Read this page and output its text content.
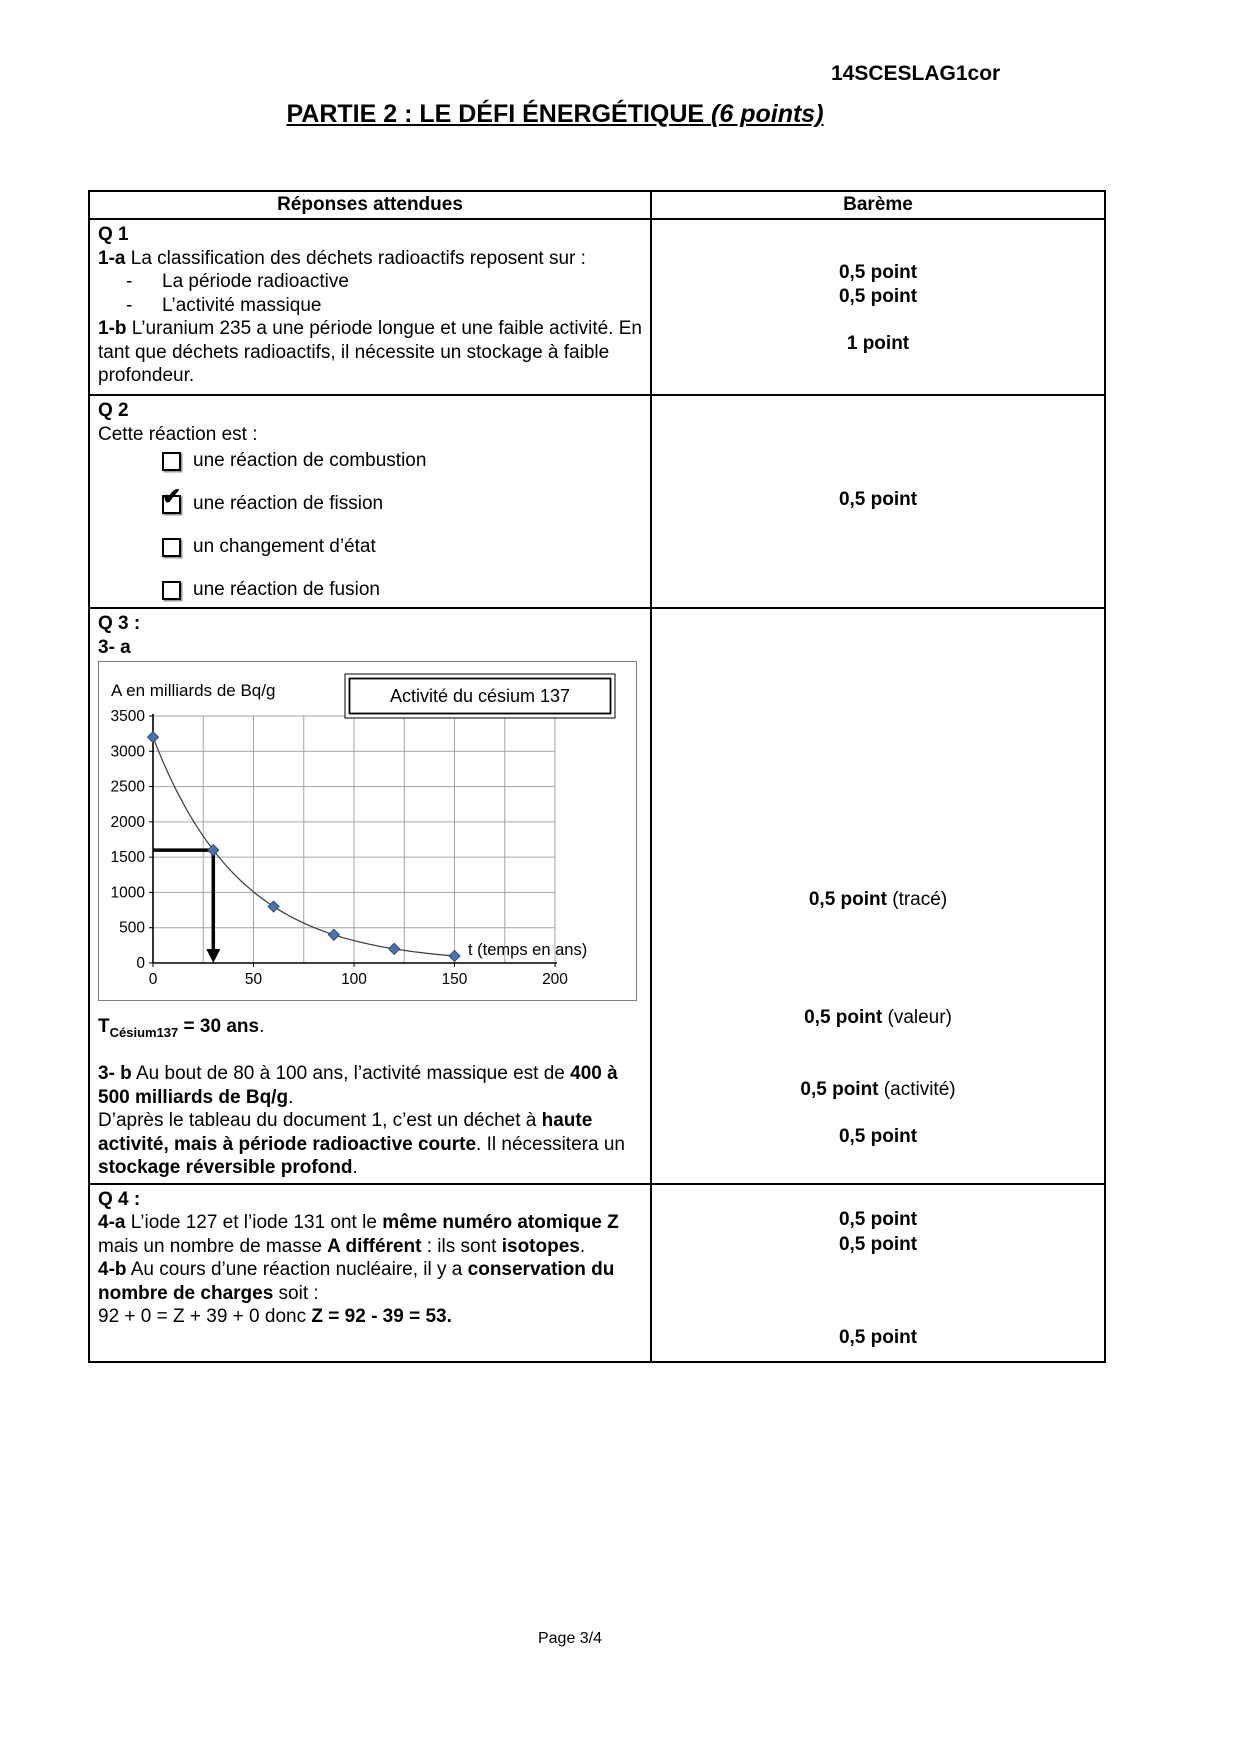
14SCESLAG1cor
PARTIE 2 : LE DÉFI ÉNERGÉTIQUE (6 points)
Réponses attendues	Barème

Q 1
1-a La classification des déchets radioactifs reposent sur :
- La période radioactive
- L’activité massique
1-b L’uranium 235 a une période longue et une faible activité. En tant que déchets radioactifs, il nécessite un stockage à faible profondeur.

0,5 point
0,5 point
1 point

Q 2
Cette réaction est :
une réaction de combustion
✔
une réaction de fission
un changement d’état
une réaction de fusion

0,5 point

Q 3 :
3- a
0
500
1000
1500
2000
2500
3000
3500
0	50	100	150	200
Activité du césium 137
A en milliards de Bq/g
t (temps en ans)
$T_{Césium137} = 30$ ans.
3- b Au bout de 80 à 100 ans, l’activité massique est de 400 à 500 milliards de Bq/g.
D’après le tableau du document 1, c’est un déchet à haute activité, mais à période radioactive courte. Il nécessitera un stockage réversible profond.

0,5 point (tracé)
0,5 point (valeur)
0,5 point (activité)
0,5 point

Q 4 :
4-a L’iode 127 et l’iode 131 ont le même numéro atomique Z mais un nombre de masse A différent : ils sont isotopes.
4-b Au cours d’une réaction nucléaire, il y a conservation du nombre de charges soit :
92 + 0 = Z + 39 + 0 donc Z = 92 - 39 = 53.

0,5 point
0,5 point
0,5 point
Page 3/4
